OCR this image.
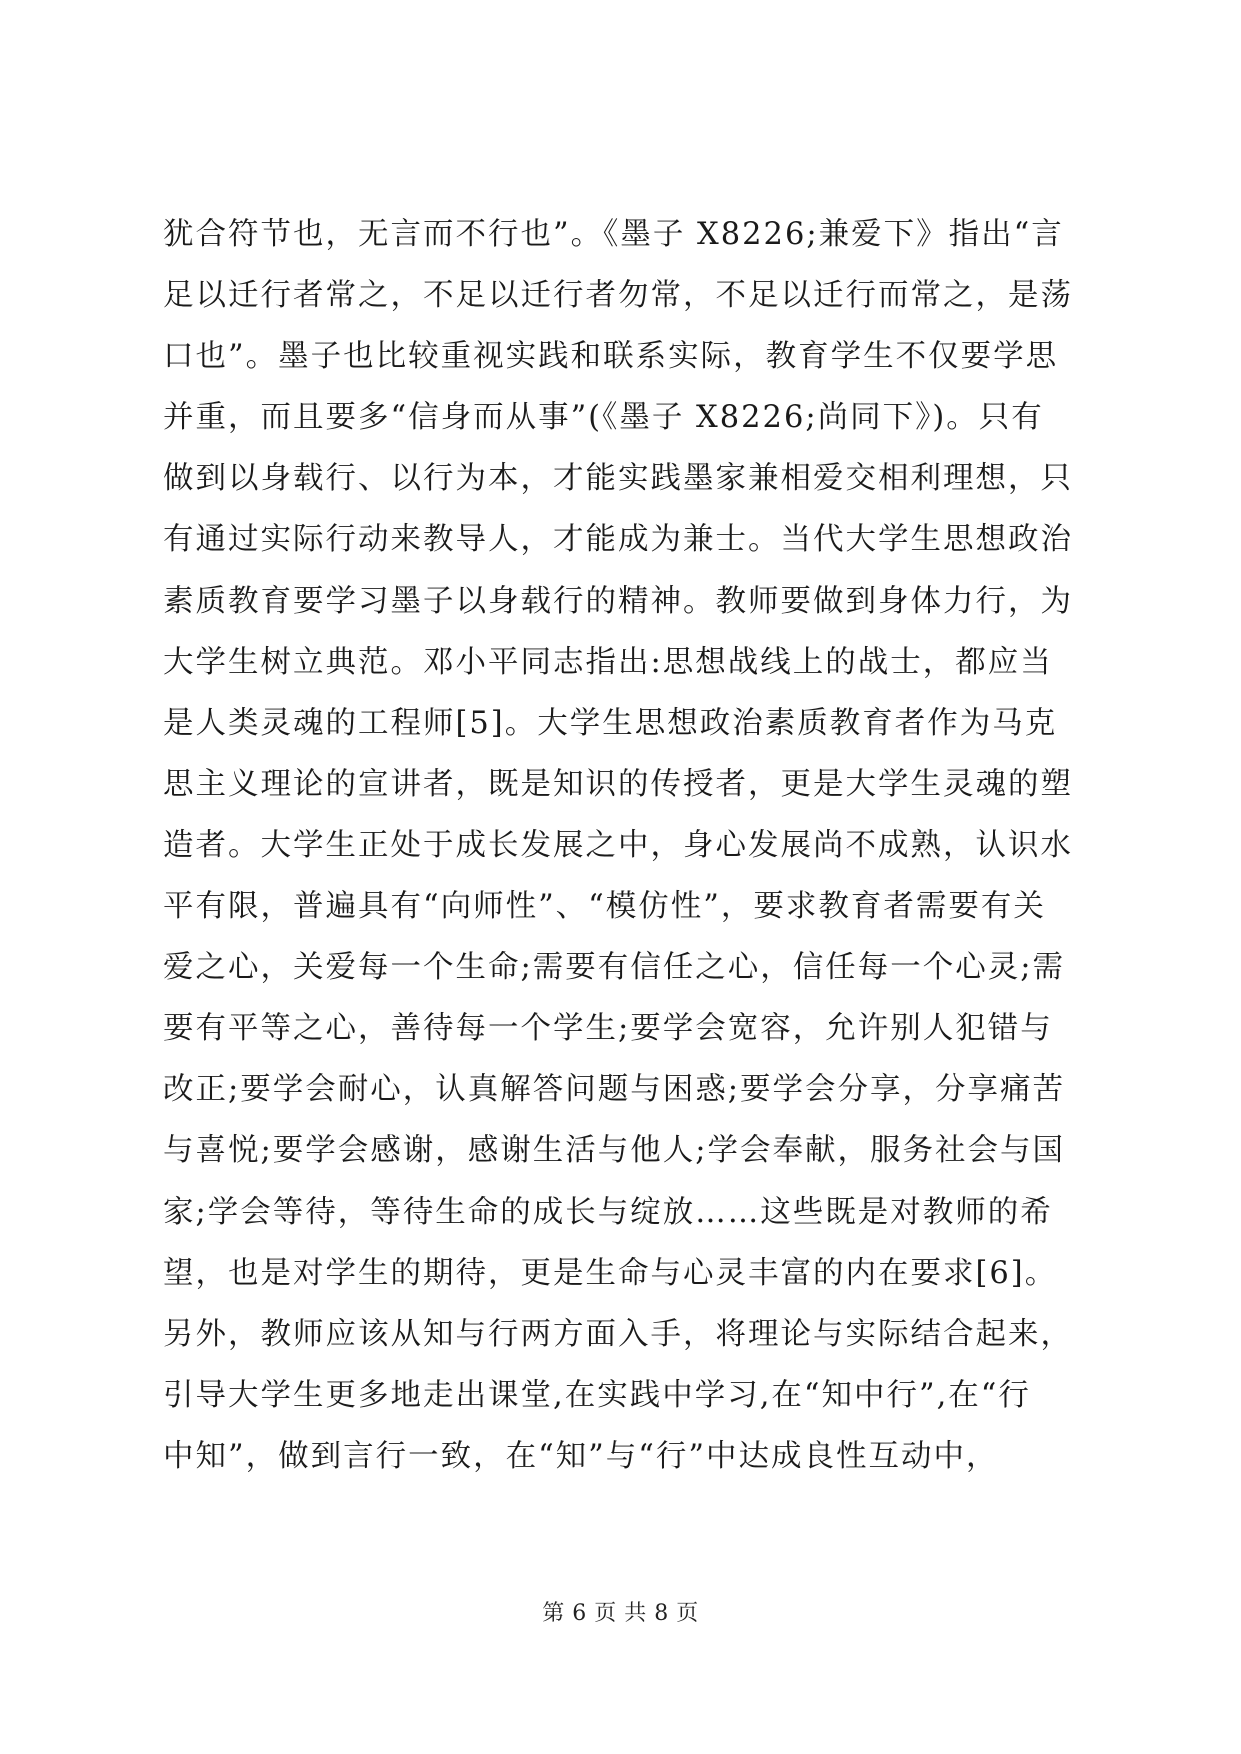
犹合符节也，无言而不行也”。《墨子 X8226;兼爱下》指出“言
足以迁行者常之，不足以迁行者勿常，不足以迁行而常之，是荡
口也”。墨子也比较重视实践和联系实际，教育学生不仅要学思
并重，而且要多“信身而从事”(《墨子 X8226;尚同下》)。只有
做到以身载行、以行为本，才能实践墨家兼相爱交相利理想，只
有通过实际行动来教导人，才能成为兼士。当代大学生思想政治
素质教育要学习墨子以身载行的精神。教师要做到身体力行，为
大学生树立典范。邓小平同志指出:思想战线上的战士，都应当
是人类灵魂的工程师[5]。大学生思想政治素质教育者作为马克
思主义理论的宣讲者，既是知识的传授者，更是大学生灵魂的塑
造者。大学生正处于成长发展之中，身心发展尚不成熟，认识水
平有限，普遍具有“向师性”、“模仿性”，要求教育者需要有关
爱之心，关爱每一个生命;需要有信任之心，信任每一个心灵;需
要有平等之心，善待每一个学生;要学会宽容，允许别人犯错与
改正;要学会耐心，认真解答问题与困惑;要学会分享，分享痛苦
与喜悦;要学会感谢，感谢生活与他人;学会奉献，服务社会与国
家;学会等待，等待生命的成长与绽放……这些既是对教师的希
望，也是对学生的期待，更是生命与心灵丰富的内在要求[6]。
另外，教师应该从知与行两方面入手，将理论与实际结合起来，
引导大学生更多地走出课堂,在实践中学习,在“知中行”,在“行
中知”，做到言行一致，在“知”与“行”中达成良性互动中，
第 6 页 共 8 页
